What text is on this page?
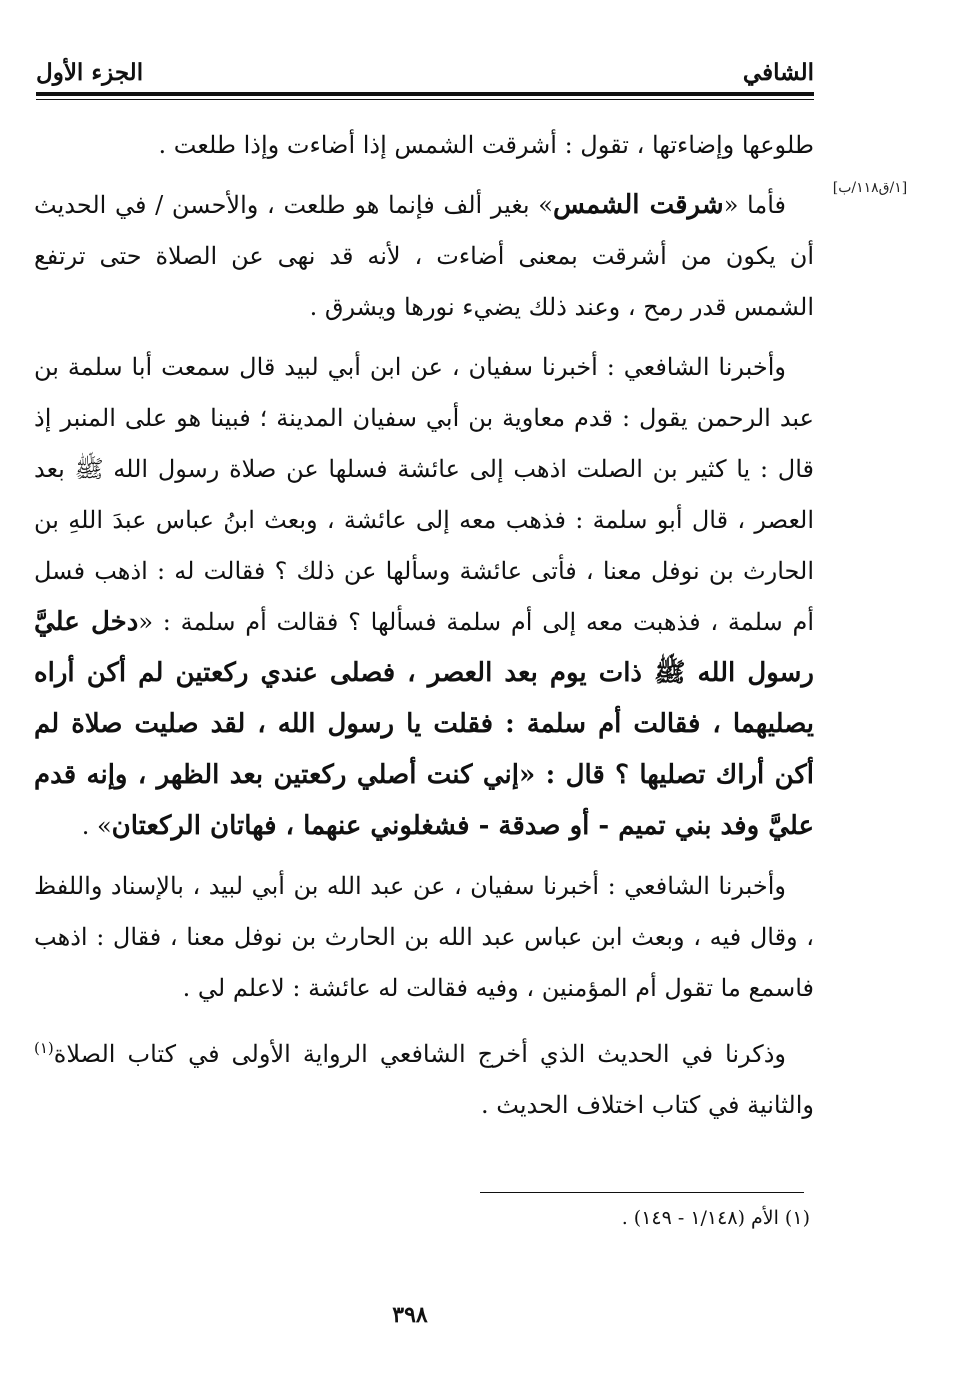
الشافي
الجزء الأول
[١/ق١١٨/ب]

طلوعها وإضاءتها ، تقول : أشرقت الشمس إذا أضاءت وإذا طلعت .

فأما «شرقت الشمس» بغير ألف فإنما هو طلعت ، والأحسن / في الحديث أن يكون من أشرقت بمعنى أضاءت ، لأنه قد نهى عن الصلاة حتى ترتفع الشمس قدر رمح ، وعند ذلك يضيء نورها ويشرق .

وأخبرنا الشافعي : أخبرنا سفيان ، عن ابن أبي لبيد قال سمعت أبا سلمة بن عبد الرحمن يقول : قدم معاوية بن أبي سفيان المدينة ؛ فبينا هو على المنبر إذ قال : يا كثير بن الصلت اذهب إلى عائشة فسلها عن صلاة رسول الله ﷺ بعد العصر ، قال أبو سلمة : فذهب معه إلى عائشة ، وبعث ابنُ عباس عبدَ اللهِ بن الحارث بن نوفل معنا ، فأتى عائشة وسألها عن ذلك ؟ فقالت له : اذهب فسل أم سلمة ، فذهبت معه إلى أم سلمة فسألها ؟ فقالت أم سلمة : «دخل عليَّ رسول الله ﷺ ذات يوم بعد العصر ، فصلى عندي ركعتين لم أكن أراه يصليهما ، فقالت أم سلمة : فقلت يا رسول الله ، لقد صليت صلاة لم أكن أراك تصليها ؟ قال : «إني كنت أصلي ركعتين بعد الظهر ، وإنه قدم عليَّ وفد بني تميم - أو صدقة - فشغلوني عنهما ، فهاتان الركعتان» .

وأخبرنا الشافعي : أخبرنا سفيان ، عن عبد الله بن أبي لبيد ، بالإسناد واللفظ ، وقال فيه ، وبعث ابن عباس عبد الله بن الحارث بن نوفل معنا ، فقال : اذهب فاسمع ما تقول أم المؤمنين ، وفيه فقالت له عائشة : لاعلم لي .

وذكرنا في الحديث الذي أخرج الشافعي الرواية الأولى في كتاب الصلاة$^{(١)}$ والثانية في كتاب اختلاف الحديث .

(١) الأم (١/١٤٨ - ١٤٩) .
٣٩٨
